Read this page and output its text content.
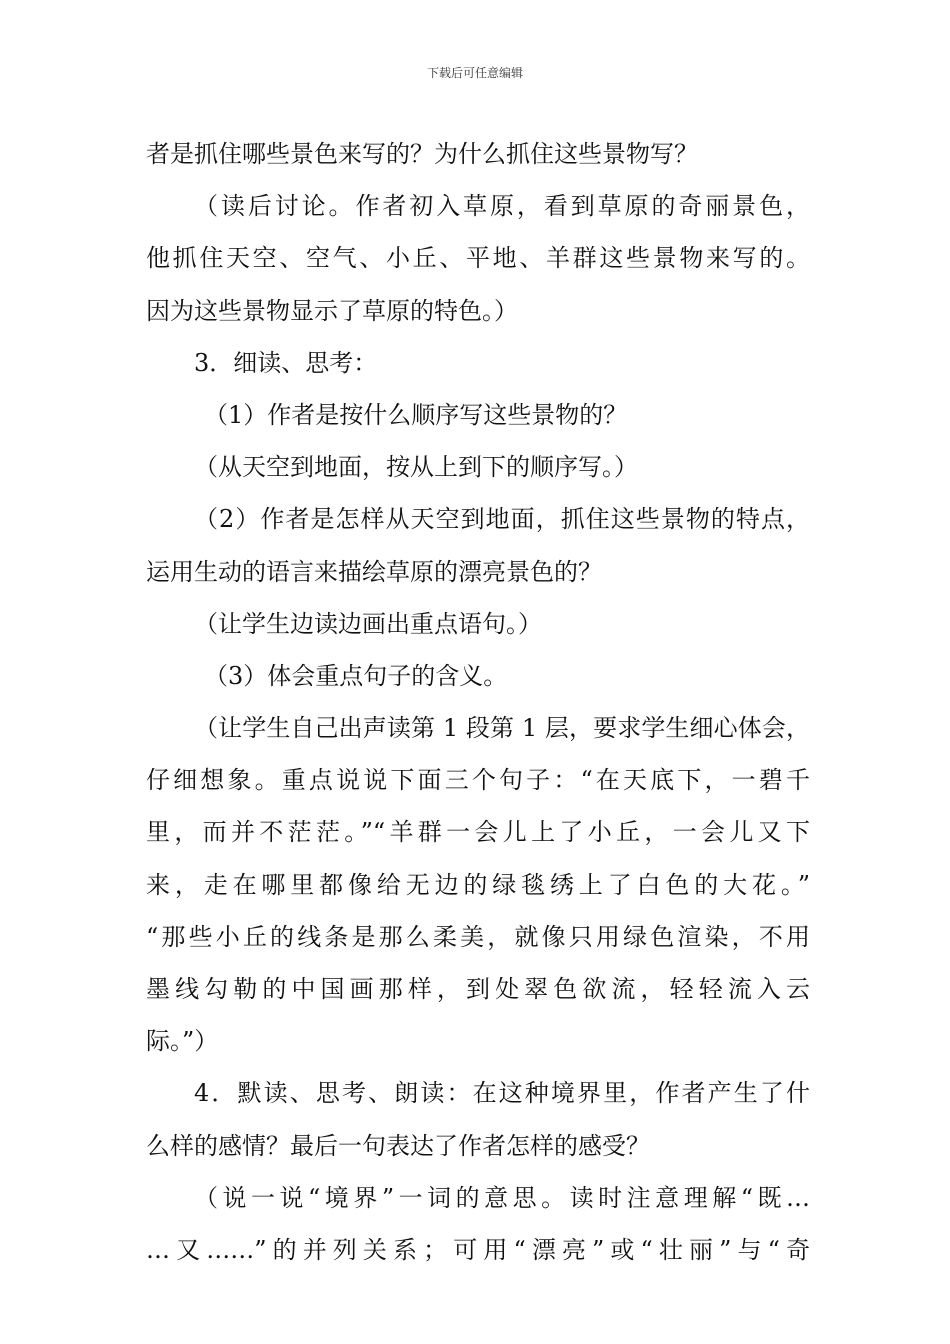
下载后可任意编辑
者是抓住哪些景色来写的？为什么抓住这些景物写？
（读后讨论。作者初入草原，看到草原的奇丽景色，
他抓住天空、空气、小丘、平地、羊群这些景物来写的。
因为这些景物显示了草原的特色。）
3．细读、思考：
（1）作者是按什么顺序写这些景物的？
（从天空到地面，按从上到下的顺序写。）
（2）作者是怎样从天空到地面，抓住这些景物的特点，
运用生动的语言来描绘草原的漂亮景色的？
（让学生边读边画出重点语句。）
（3）体会重点句子的含义。
（让学生自己出声读第 1 段第 1 层，要求学生细心体会，
仔细想象。重点说说下面三个句子：“在天底下，一碧千
里，而并不茫茫。”“羊群一会儿上了小丘，一会儿又下
来，走在哪里都像给无边的绿毯绣上了白色的大花。”
“那些小丘的线条是那么柔美，就像只用绿色渲染，不用
墨线勾勒的中国画那样，到处翠色欲流，轻轻流入云
际。”）
4．默读、思考、朗读：在这种境界里，作者产生了什
么样的感情？最后一句表达了作者怎样的感受？
（说一说“境界”一词的意思。读时注意理解“既…
…又……”的并列关系；可用“漂亮”或“壮丽”与“奇
